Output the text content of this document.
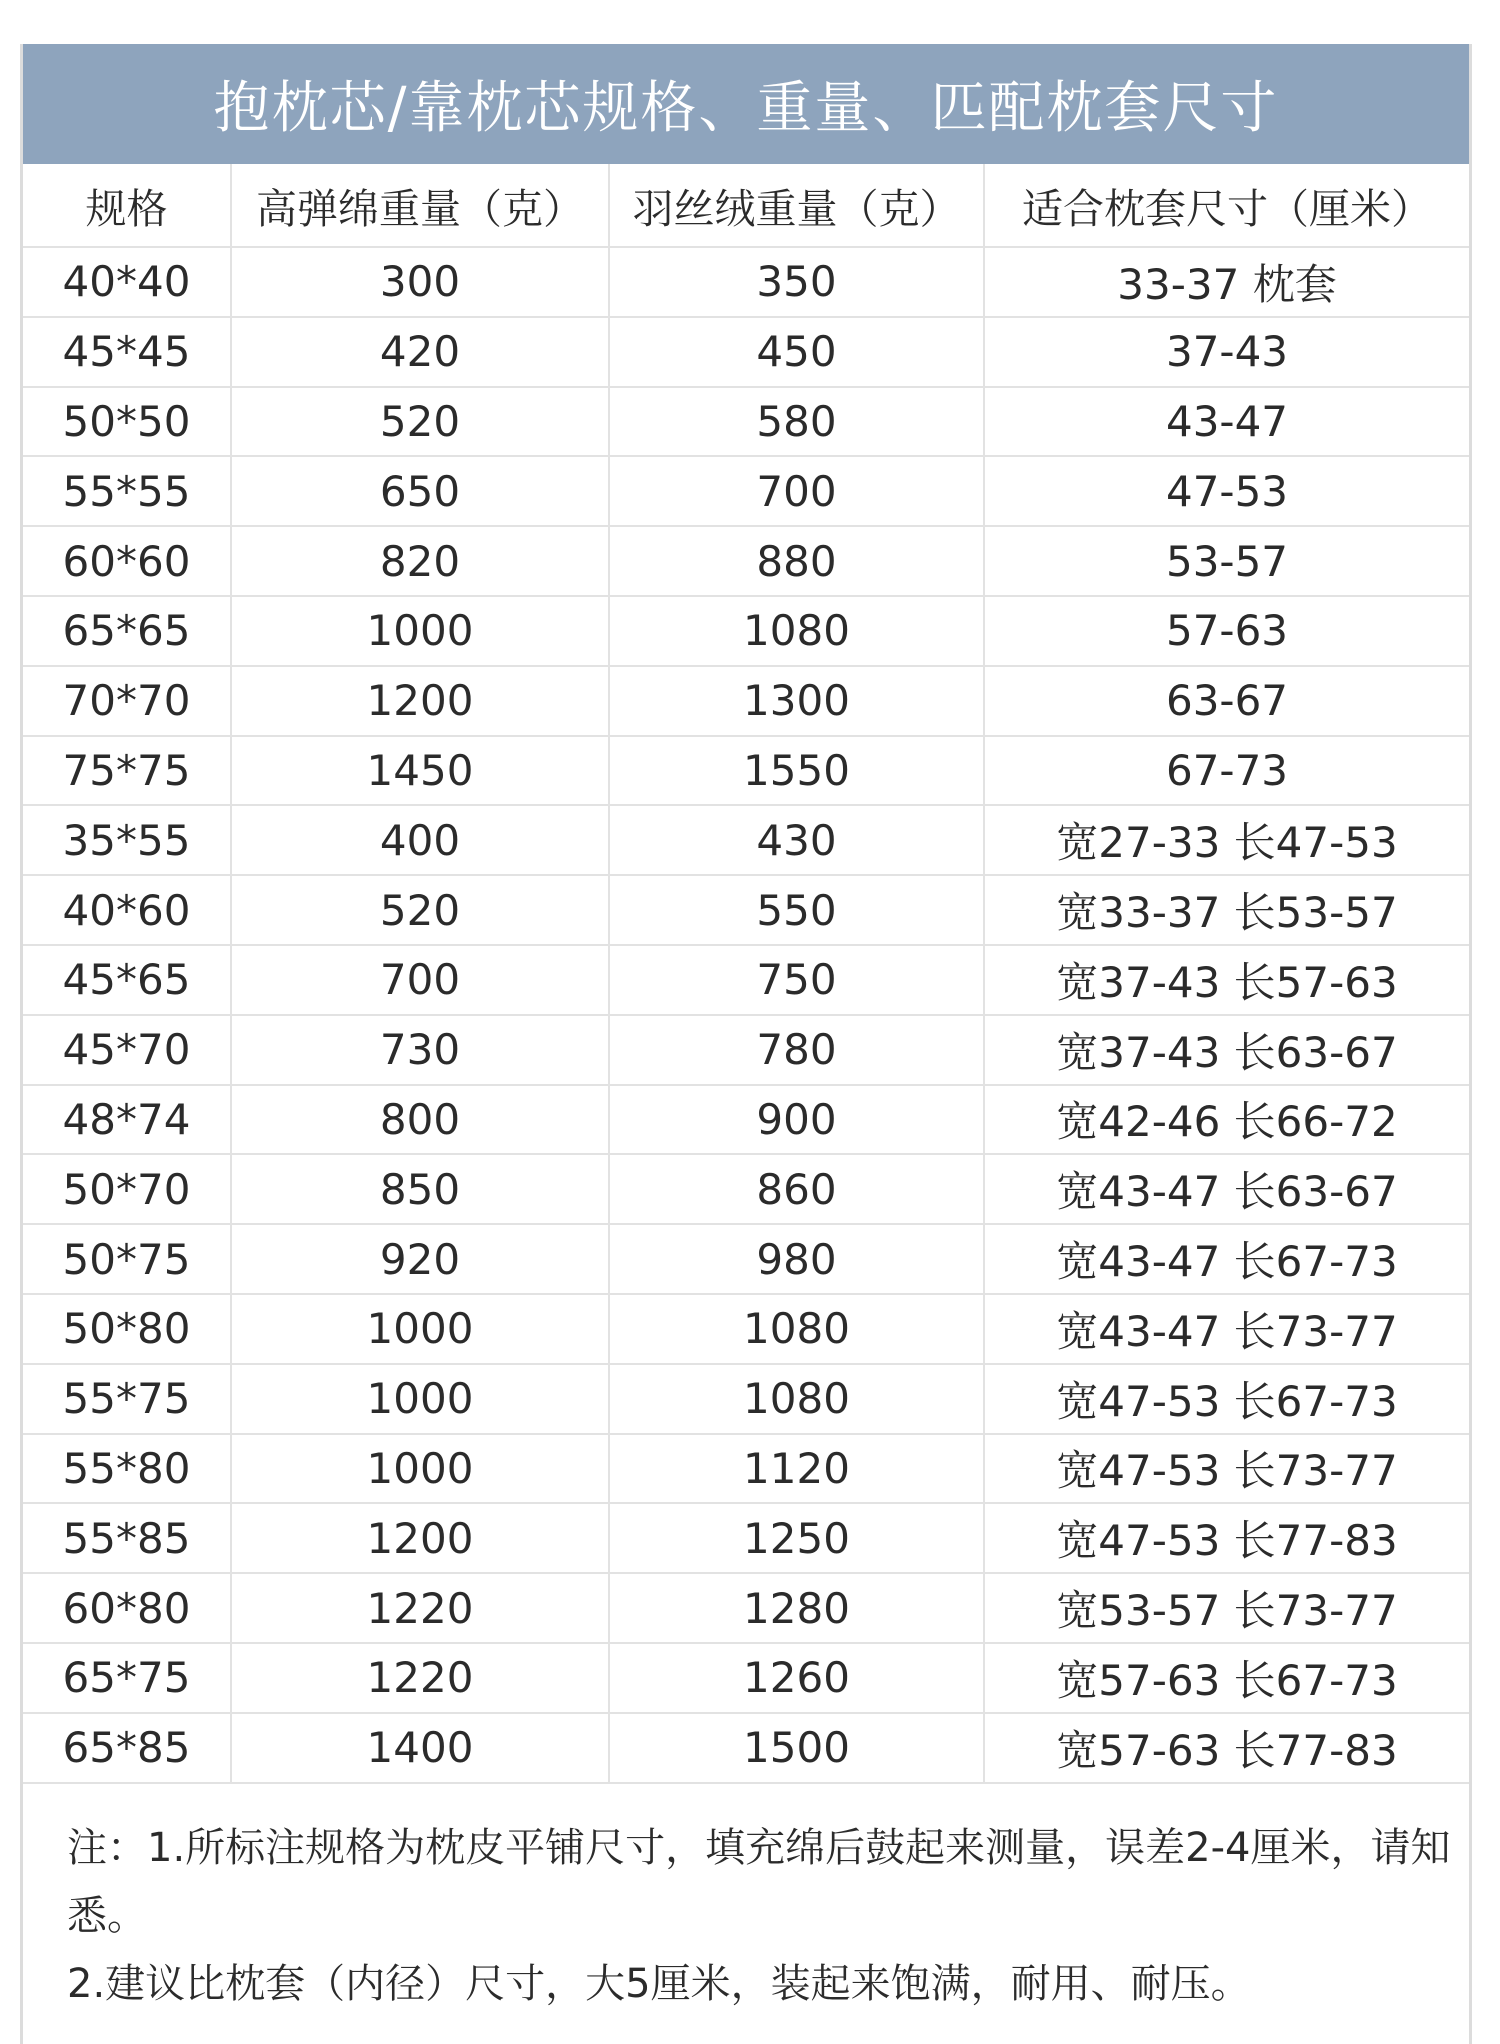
抱枕芯/靠枕芯规格、重量、匹配枕套尺寸
规格	高弹绵重量（克）	羽丝绒重量（克）	适合枕套尺寸（厘米）
40*40	300	350	33-37 枕套
45*45	420	450	37-43
50*50	520	580	43-47
55*55	650	700	47-53
60*60	820	880	53-57
65*65	1000	1080	57-63
70*70	1200	1300	63-67
75*75	1450	1550	67-73
35*55	400	430	宽27-33 长47-53
40*60	520	550	宽33-37 长53-57
45*65	700	750	宽37-43 长57-63
45*70	730	780	宽37-43 长63-67
48*74	800	900	宽42-46 长66-72
50*70	850	860	宽43-47 长63-67
50*75	920	980	宽43-47 长67-73
50*80	1000	1080	宽43-47 长73-77
55*75	1000	1080	宽47-53 长67-73
55*80	1000	1120	宽47-53 长73-77
55*85	1200	1250	宽47-53 长77-83
60*80	1220	1280	宽53-57 长73-77
65*75	1220	1260	宽57-63 长67-73
65*85	1400	1500	宽57-63 长77-83

注：1.所标注规格为枕皮平铺尺寸，填充绵后鼓起来测量，误差2-4厘米，请知悉。

2.建议比枕套（内径）尺寸，大5厘米，装起来饱满，耐用、耐压。
